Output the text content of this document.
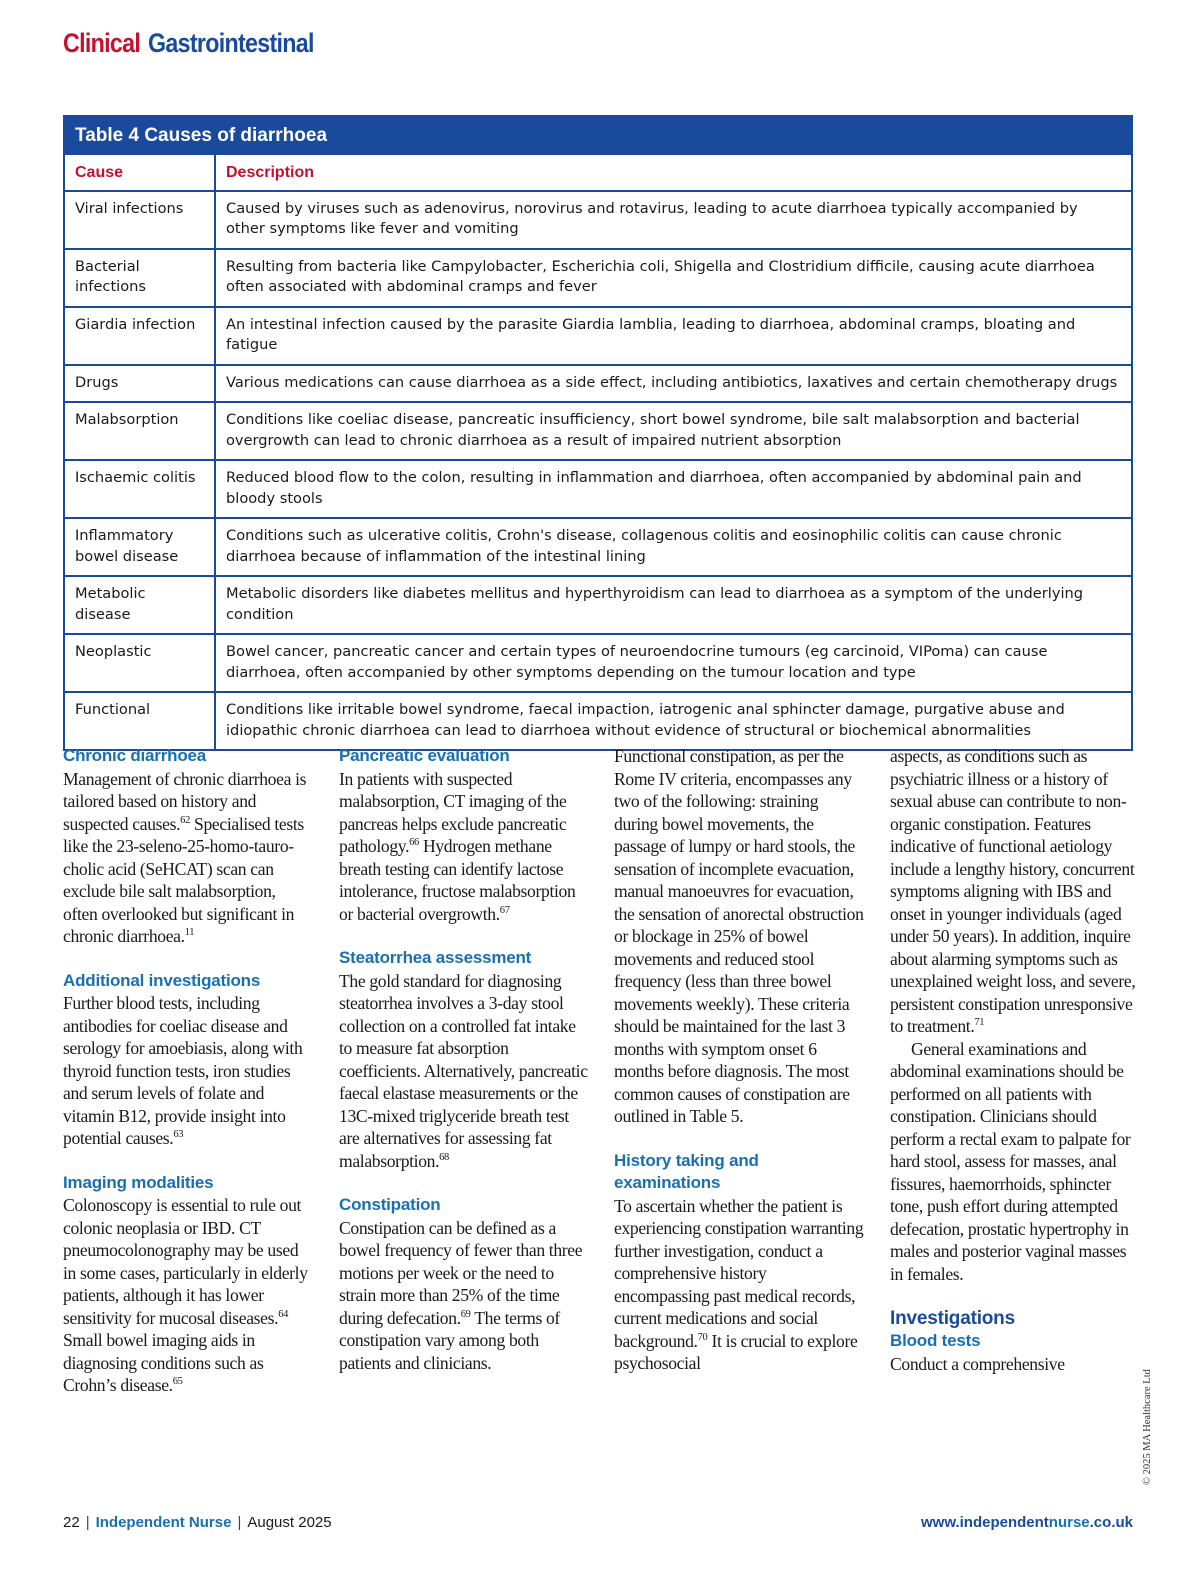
Clinical Gastrointestinal
Table 4 Causes of diarrhoea
Cause	Description
Viral infections	Caused by viruses such as adenovirus, norovirus and rotavirus, leading to acute diarrhoea typically accompanied by other symptoms like fever and vomiting
Bacterial infections	Resulting from bacteria like Campylobacter, Escherichia coli, Shigella and Clostridium difficile, causing acute diarrhoea often associated with abdominal cramps and fever
Giardia infection	An intestinal infection caused by the parasite Giardia lamblia, leading to diarrhoea, abdominal cramps, bloating and fatigue
Drugs	Various medications can cause diarrhoea as a side effect, including antibiotics, laxatives and certain chemotherapy drugs
Malabsorption	Conditions like coeliac disease, pancreatic insufficiency, short bowel syndrome, bile salt malabsorption and bacterial overgrowth can lead to chronic diarrhoea as a result of impaired nutrient absorption
Ischaemic colitis	Reduced blood flow to the colon, resulting in inflammation and diarrhoea, often accompanied by abdominal pain and bloody stools
Inflammatory bowel disease	Conditions such as ulcerative colitis, Crohn's disease, collagenous colitis and eosinophilic colitis can cause chronic diarrhoea because of inflammation of the intestinal lining
Metabolic disease	Metabolic disorders like diabetes mellitus and hyperthyroidism can lead to diarrhoea as a symptom of the underlying condition
Neoplastic	Bowel cancer, pancreatic cancer and certain types of neuroendocrine tumours (eg carcinoid, VIPoma) can cause diarrhoea, often accompanied by other symptoms depending on the tumour location and type
Functional	Conditions like irritable bowel syndrome, faecal impaction, iatrogenic anal sphincter damage, purgative abuse and idiopathic chronic diarrhoea can lead to diarrhoea without evidence of structural or biochemical abnormalities
Chronic diarrhoea

Management of chronic diarrhoea is tailored based on history and suspected causes.$^{62}$ Specialised tests like the 23-seleno-25-homo-tauro-cholic acid (SeHCAT) scan can exclude bile salt malabsorption, often overlooked but significant in chronic diarrhoea.$^{11}$

Additional investigations

Further blood tests, including antibodies for coeliac disease and serology for amoebiasis, along with thyroid function tests, iron studies and serum levels of folate and vitamin B12, provide insight into potential causes.$^{63}$

Imaging modalities

Colonoscopy is essential to rule out colonic neoplasia or IBD. CT pneumocolonography may be used in some cases, particularly in elderly patients, although it has lower sensitivity for mucosal diseases.$^{64}$ Small bowel imaging aids in diagnosing conditions such as Crohn’s disease.$^{65}$

Pancreatic evaluation

In patients with suspected malabsorption, CT imaging of the pancreas helps exclude pancreatic pathology.$^{66}$ Hydrogen methane breath testing can identify lactose intolerance, fructose malabsorption or bacterial overgrowth.$^{67}$

Steatorrhea assessment

The gold standard for diagnosing steatorrhea involves a 3-day stool collection on a controlled fat intake to measure fat absorption coefficients. Alternatively, pancreatic faecal elastase measurements or the 13C-mixed triglyceride breath test are alternatives for assessing fat malabsorption.$^{68}$

Constipation

Constipation can be defined as a bowel frequency of fewer than three motions per week or the need to strain more than 25% of the time during defecation.$^{69}$ The terms of constipation vary among both patients and clinicians.

Functional constipation, as per the Rome IV criteria, encompasses any two of the following: straining during bowel movements, the passage of lumpy or hard stools, the sensation of incomplete evacuation, manual manoeuvres for evacuation, the sensation of anorectal obstruction or blockage in 25% of bowel movements and reduced stool frequency (less than three bowel movements weekly). These criteria should be maintained for the last 3 months with symptom onset 6 months before diagnosis. The most common causes of constipation are outlined in Table 5.

History taking and examinations

To ascertain whether the patient is experiencing constipation warranting further investigation, conduct a comprehensive history encompassing past medical records, current medications and social background.$^{70}$ It is crucial to explore psychosocial

aspects, as conditions such as psychiatric illness or a history of sexual abuse can contribute to non-organic constipation. Features indicative of functional aetiology include a lengthy history, concurrent symptoms aligning with IBS and onset in younger individuals (aged under 50 years). In addition, inquire about alarming symptoms such as unexplained weight loss, and severe, persistent constipation unresponsive to treatment.$^{71}$

General examinations and abdominal examinations should be performed on all patients with constipation. Clinicians should perform a rectal exam to palpate for hard stool, assess for masses, anal fissures, haemorrhoids, sphincter tone, push effort during attempted defecation, prostatic hypertrophy in males and posterior vaginal masses in females.

Investigations
Blood tests

Conduct a comprehensive

22 | Independent Nurse | August 2025	www.independentnurse.co.uk
© 2025 MA Healthcare Ltd
